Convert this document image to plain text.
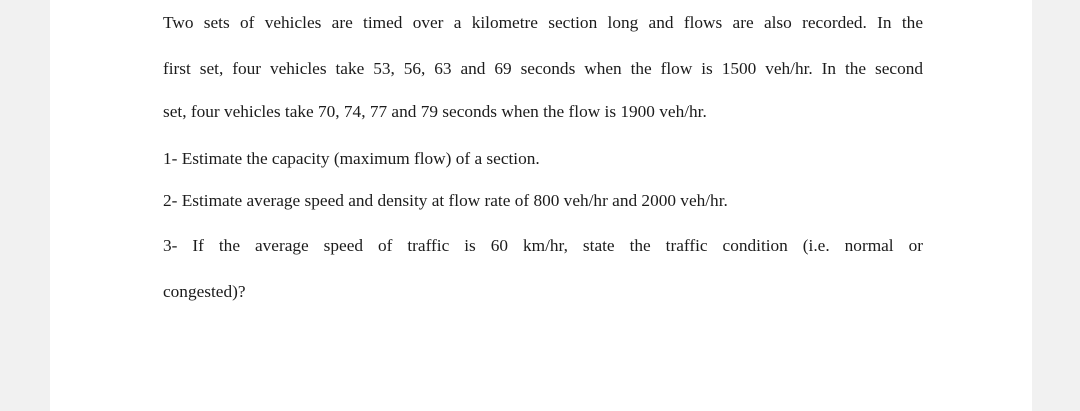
Two sets of vehicles are timed over a kilometre section long and flows are also recorded. In the
first set, four vehicles take 53, 56, 63 and 69 seconds when the flow is 1500 veh/hr. In the second
set, four vehicles take 70, 74, 77 and 79 seconds when the flow is 1900 veh/hr.
1- Estimate the capacity (maximum flow) of a section.
2- Estimate average speed and density at flow rate of 800 veh/hr and 2000 veh/hr.
3- If the average speed of traffic is 60 km/hr, state the traffic condition (i.e. normal or
congested)?
